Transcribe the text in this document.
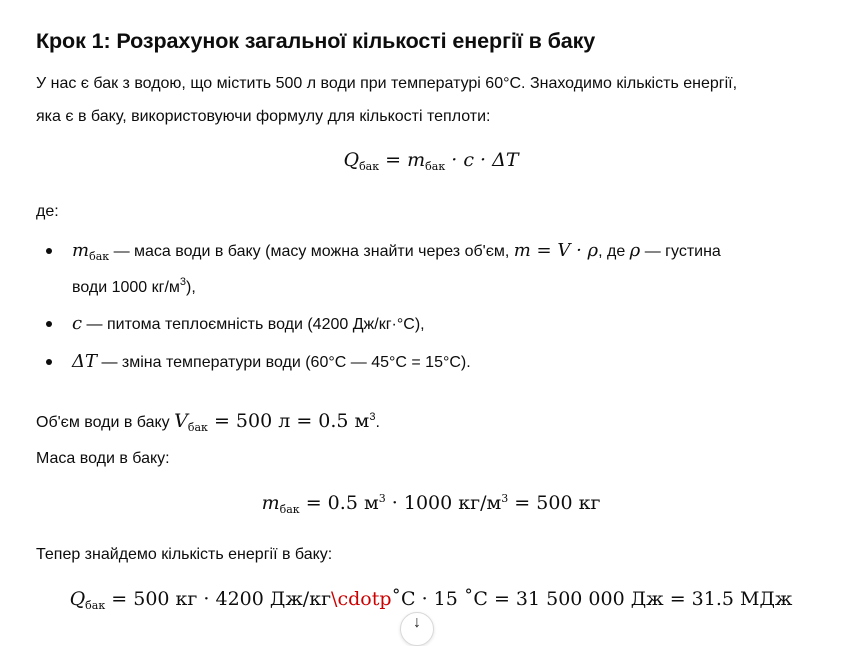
Крок 1: Розрахунок загальної кількості енергії в баку

У нас є бак з водою, що містить 500 л води при температурі 60°C. Знаходимо кількість енергії,

яка є в баку, використовуючи формулу для кількості теплоти:

$Q_{бак} = m_{бак} \cdot c \cdot \Delta T$

де:

$m_{бак}$ — маса води в баку (масу можна знайти через об'єм, m = V · ρ, де ρ — густина
води 1000 $кг/м^3$),
c — питома теплоємність води (4200 Дж/кг·°C),
ΔT — зміна температури води (60°C — 45°C = 15°C).

Об'єм води в баку $V_{бак} = 500$ л = 0.5 $м^3$.

Маса води в баку:

$m_{бак} = 0.5$ $м^3 \cdot 1000$ $кг/м^3 = 500$ кг

Тепер знайдемо кількість енергії в баку:

$Q_{бак} = 500$ кг · 4200 Дж/кг\cdotp˚C · 15 ˚C = 31 500 000 Дж = 31.5 МДж
↓
